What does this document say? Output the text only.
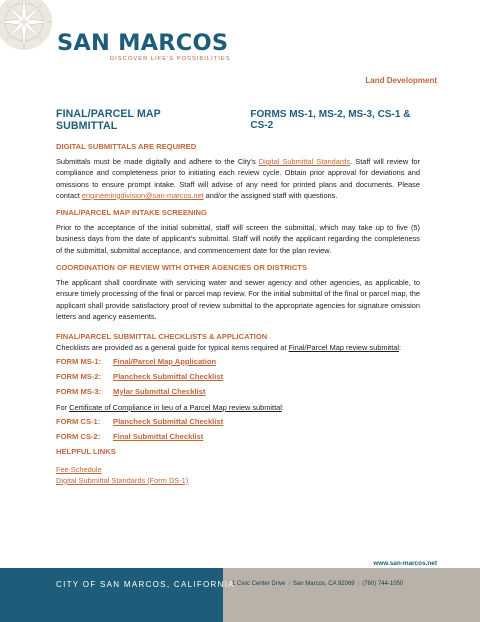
SAN MARCOS
DISCOVER LIFE'S POSSIBILITIES
Land Development
FINAL/PARCEL MAP SUBMITTAL
FORMS MS-1, MS-2, MS-3, CS-1 & CS-2
DIGITAL SUBMITTALS ARE REQUIRED
Submittals must be made digitally and adhere to the City's Digital Submittal Standards. Staff will review for compliance and completeness prior to initiating each review cycle. Obtain prior approval for deviations and omissions to ensure prompt intake. Staff will advise of any need for printed plans and documents. Please contact engineeringdivision@san-marcos.net and/or the assigned staff with questions.
FINAL/PARCEL MAP INTAKE SCREENING
Prior to the acceptance of the initial submittal, staff will screen the submittal, which may take up to five (5) business days from the date of applicant's submittal. Staff will notify the applicant regarding the completeness of the submittal, submittal acceptance, and commencement date for the plan review.
COORDINATION OF REVIEW WITH OTHER AGENCIES OR DISTRICTS
The applicant shall coordinate with servicing water and sewer agency and other agencies, as applicable, to ensure timely processing of the final or parcel map review. For the initial submittal of the final or parcel map, the applicant shall provide satisfactory proof of review submittal to the appropriate agencies for signature omission letters and agency easements.
FINAL/PARCEL SUBMITTAL CHECKLISTS & APPLICATION
Checklists are provided as a general guide for typical items required at Final/Parcel Map review submittal:
FORM MS-1:	Final/Parcel Map Application
FORM MS-2:	Plancheck Submittal Checklist
FORM MS-3:	Mylar Submittal Checklist
For Certificate of Compliance in lieu of a Parcel Map review submittal:
FORM CS-1:	Plancheck Submittal Checklist
FORM CS-2:	Final Submittal Checklist
HELPFUL LINKS
Fee Schedule
Digital Submittal Standards (Form DS-1)
www.san-marcos.net
CITY OF SAN MARCOS, CALIFORNIA
1 Civic Center Drive | San Marcos, CA 92069 | (760) 744-1050
